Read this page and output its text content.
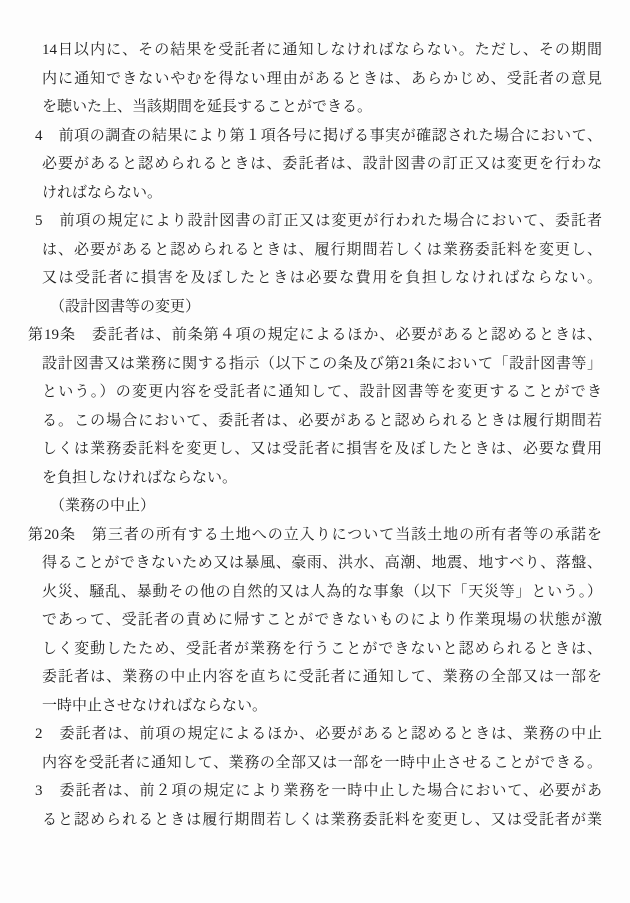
14日以内に、その結果を受託者に通知しなければならない。ただし、その期間
内に通知できないやむを得ない理由があるときは、あらかじめ、受託者の意見
を聴いた上、当該期間を延長することができる。
4　前項の調査の結果により第１項各号に掲げる事実が確認された場合において、
必要があると認められるときは、委託者は、設計図書の訂正又は変更を行わな
ければならない。
5　前項の規定により設計図書の訂正又は変更が行われた場合において、委託者
は、必要があると認められるときは、履行期間若しくは業務委託料を変更し、
又は受託者に損害を及ぼしたときは必要な費用を負担しなければならない。
（設計図書等の変更）
第19条　委託者は、前条第４項の規定によるほか、必要があると認めるときは、
設計図書又は業務に関する指示（以下この条及び第21条において「設計図書等」
という。）の変更内容を受託者に通知して、設計図書等を変更することができ
る。この場合において、委託者は、必要があると認められるときは履行期間若
しくは業務委託料を変更し、又は受託者に損害を及ぼしたときは、必要な費用
を負担しなければならない。
（業務の中止）
第20条　第三者の所有する土地への立入りについて当該土地の所有者等の承諾を
得ることができないため又は暴風、豪雨、洪水、高潮、地震、地すべり、落盤、
火災、騒乱、暴動その他の自然的又は人為的な事象（以下「天災等」という。）
であって、受託者の責めに帰すことができないものにより作業現場の状態が激
しく変動したため、受託者が業務を行うことができないと認められるときは、
委託者は、業務の中止内容を直ちに受託者に通知して、業務の全部又は一部を
一時中止させなければならない。
2　委託者は、前項の規定によるほか、必要があると認めるときは、業務の中止
内容を受託者に通知して、業務の全部又は一部を一時中止させることができる。
3　委託者は、前２項の規定により業務を一時中止した場合において、必要があ
ると認められるときは履行期間若しくは業務委託料を変更し、又は受託者が業
